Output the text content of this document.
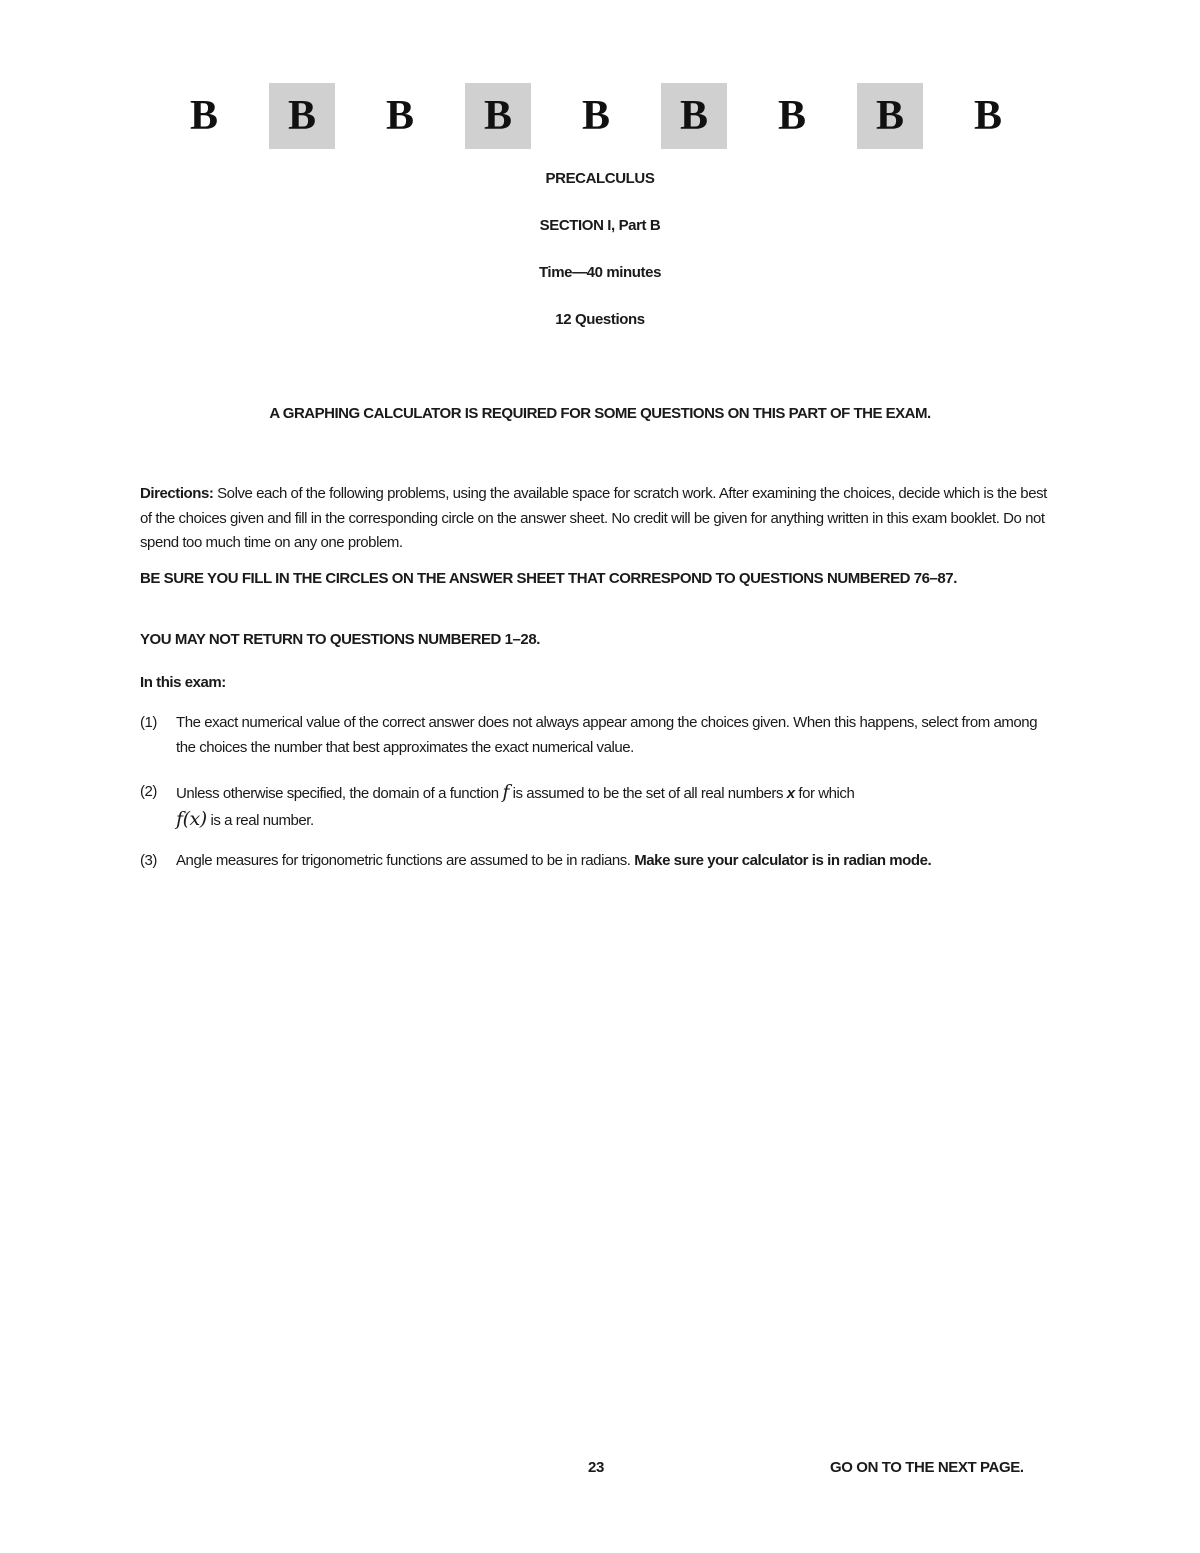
B	B	B	B	B	B	B	B	B
PRECALCULUS
SECTION I, Part B
Time—40 minutes
12 Questions
A GRAPHING CALCULATOR IS REQUIRED FOR SOME QUESTIONS ON THIS PART OF THE EXAM.
Directions: Solve each of the following problems, using the available space for scratch work. After examining the choices, decide which is the best of the choices given and fill in the corresponding circle on the answer sheet. No credit will be given for anything written in this exam booklet. Do not spend too much time on any one problem.
BE SURE YOU FILL IN THE CIRCLES ON THE ANSWER SHEET THAT CORRESPOND TO QUESTIONS NUMBERED 76–87.
YOU MAY NOT RETURN TO QUESTIONS NUMBERED 1–28.
In this exam:
(1) The exact numerical value of the correct answer does not always appear among the choices given. When this happens, select from among the choices the number that best approximates the exact numerical value.
(2) Unless otherwise specified, the domain of a function f is assumed to be the set of all real numbers x for which
f(x) is a real number.
(3) Angle measures for trigonometric functions are assumed to be in radians. Make sure your calculator is in radian mode.
23	GO ON TO THE NEXT PAGE.
